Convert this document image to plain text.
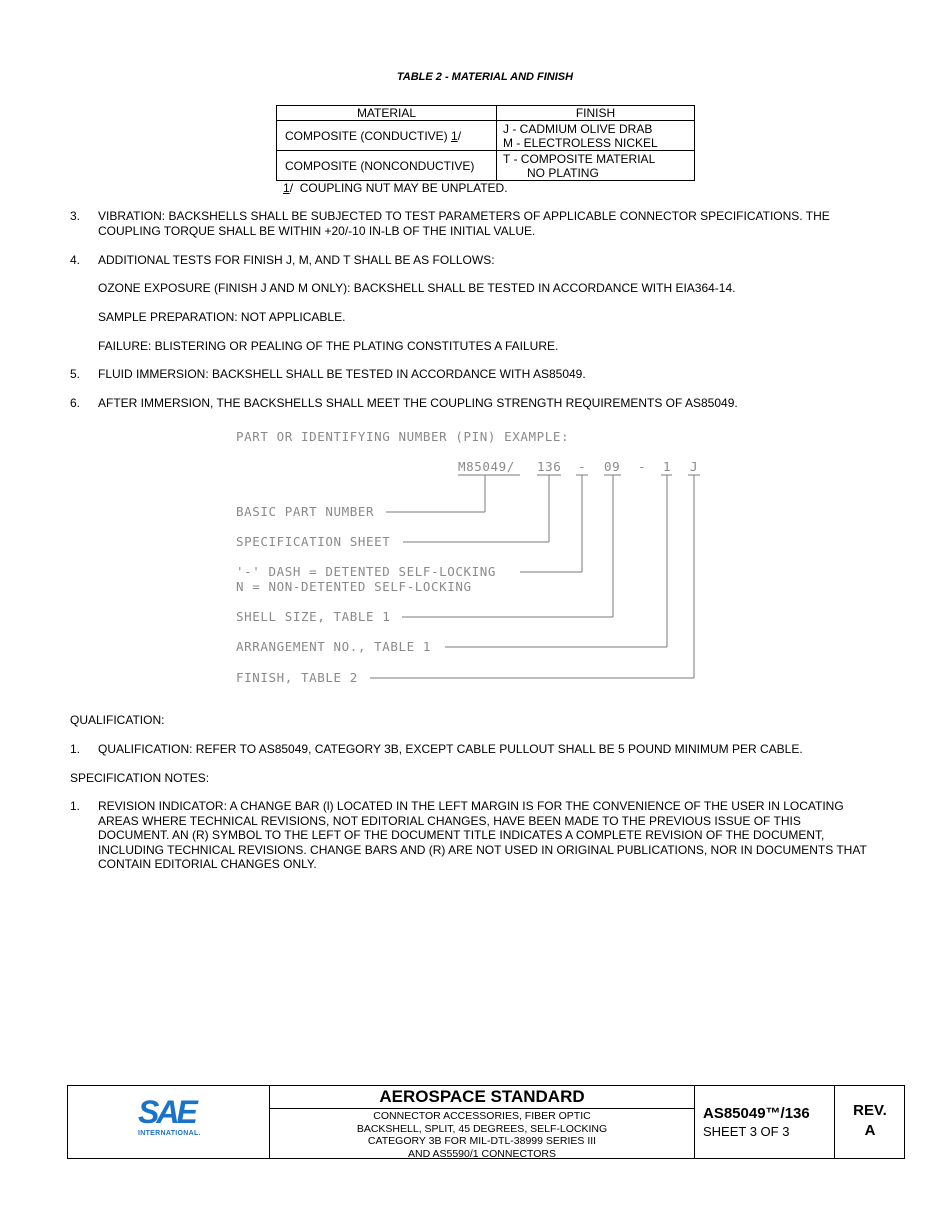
TABLE 2 - MATERIAL AND FINISH
MATERIAL	FINISH
COMPOSITE (CONDUCTIVE) 1/	J - CADMIUM OLIVE DRAB
M - ELECTROLESS NICKEL

COMPOSITE (NONCONDUCTIVE)	T - COMPOSITE MATERIAL
NO PLATING
1/  COUPLING NUT MAY BE UNPLATED.
3. VIBRATION: BACKSHELLS SHALL BE SUBJECTED TO TEST PARAMETERS OF APPLICABLE CONNECTOR SPECIFICATIONS. THE COUPLING TORQUE SHALL BE WITHIN +20/-10 IN-LB OF THE INITIAL VALUE.
4. ADDITIONAL TESTS FOR FINISH J, M, AND T SHALL BE AS FOLLOWS:
OZONE EXPOSURE (FINISH J AND M ONLY): BACKSHELL SHALL BE TESTED IN ACCORDANCE WITH EIA364-14.
SAMPLE PREPARATION: NOT APPLICABLE.
FAILURE: BLISTERING OR PEALING OF THE PLATING CONSTITUTES A FAILURE.
5. FLUID IMMERSION: BACKSHELL SHALL BE TESTED IN ACCORDANCE WITH AS85049.
6. AFTER IMMERSION, THE BACKSHELLS SHALL MEET THE COUPLING STRENGTH REQUIREMENTS OF AS85049.
PART OR IDENTIFYING NUMBER (PIN) EXAMPLE:
M85049/ 136 - 09 - 1 J
BASIC PART NUMBER
SPECIFICATION SHEET
'-' DASH = DETENTED SELF-LOCKING
N = NON-DETENTED SELF-LOCKING
SHELL SIZE, TABLE 1
ARRANGEMENT NO., TABLE 1
FINISH, TABLE 2
QUALIFICATION:
1. QUALIFICATION: REFER TO AS85049, CATEGORY 3B, EXCEPT CABLE PULLOUT SHALL BE 5 POUND MINIMUM PER CABLE.
SPECIFICATION NOTES:
1. REVISION INDICATOR: A CHANGE BAR (l) LOCATED IN THE LEFT MARGIN IS FOR THE CONVENIENCE OF THE USER IN LOCATING AREAS WHERE TECHNICAL REVISIONS, NOT EDITORIAL CHANGES, HAVE BEEN MADE TO THE PREVIOUS ISSUE OF THIS DOCUMENT. AN (R) SYMBOL TO THE LEFT OF THE DOCUMENT TITLE INDICATES A COMPLETE REVISION OF THE DOCUMENT, INCLUDING TECHNICAL REVISIONS. CHANGE BARS AND (R) ARE NOT USED IN ORIGINAL PUBLICATIONS, NOR IN DOCUMENTS THAT CONTAIN EDITORIAL CHANGES ONLY.
SAE
INTERNATIONAL.
AEROSPACE STANDARD
CONNECTOR ACCESSORIES, FIBER OPTIC
BACKSHELL, SPLIT, 45 DEGREES, SELF-LOCKING
CATEGORY 3B FOR MIL-DTL-38999 SERIES III
AND AS5590/1 CONNECTORS
AS85049™/136
SHEET 3 OF 3
REV.
A
